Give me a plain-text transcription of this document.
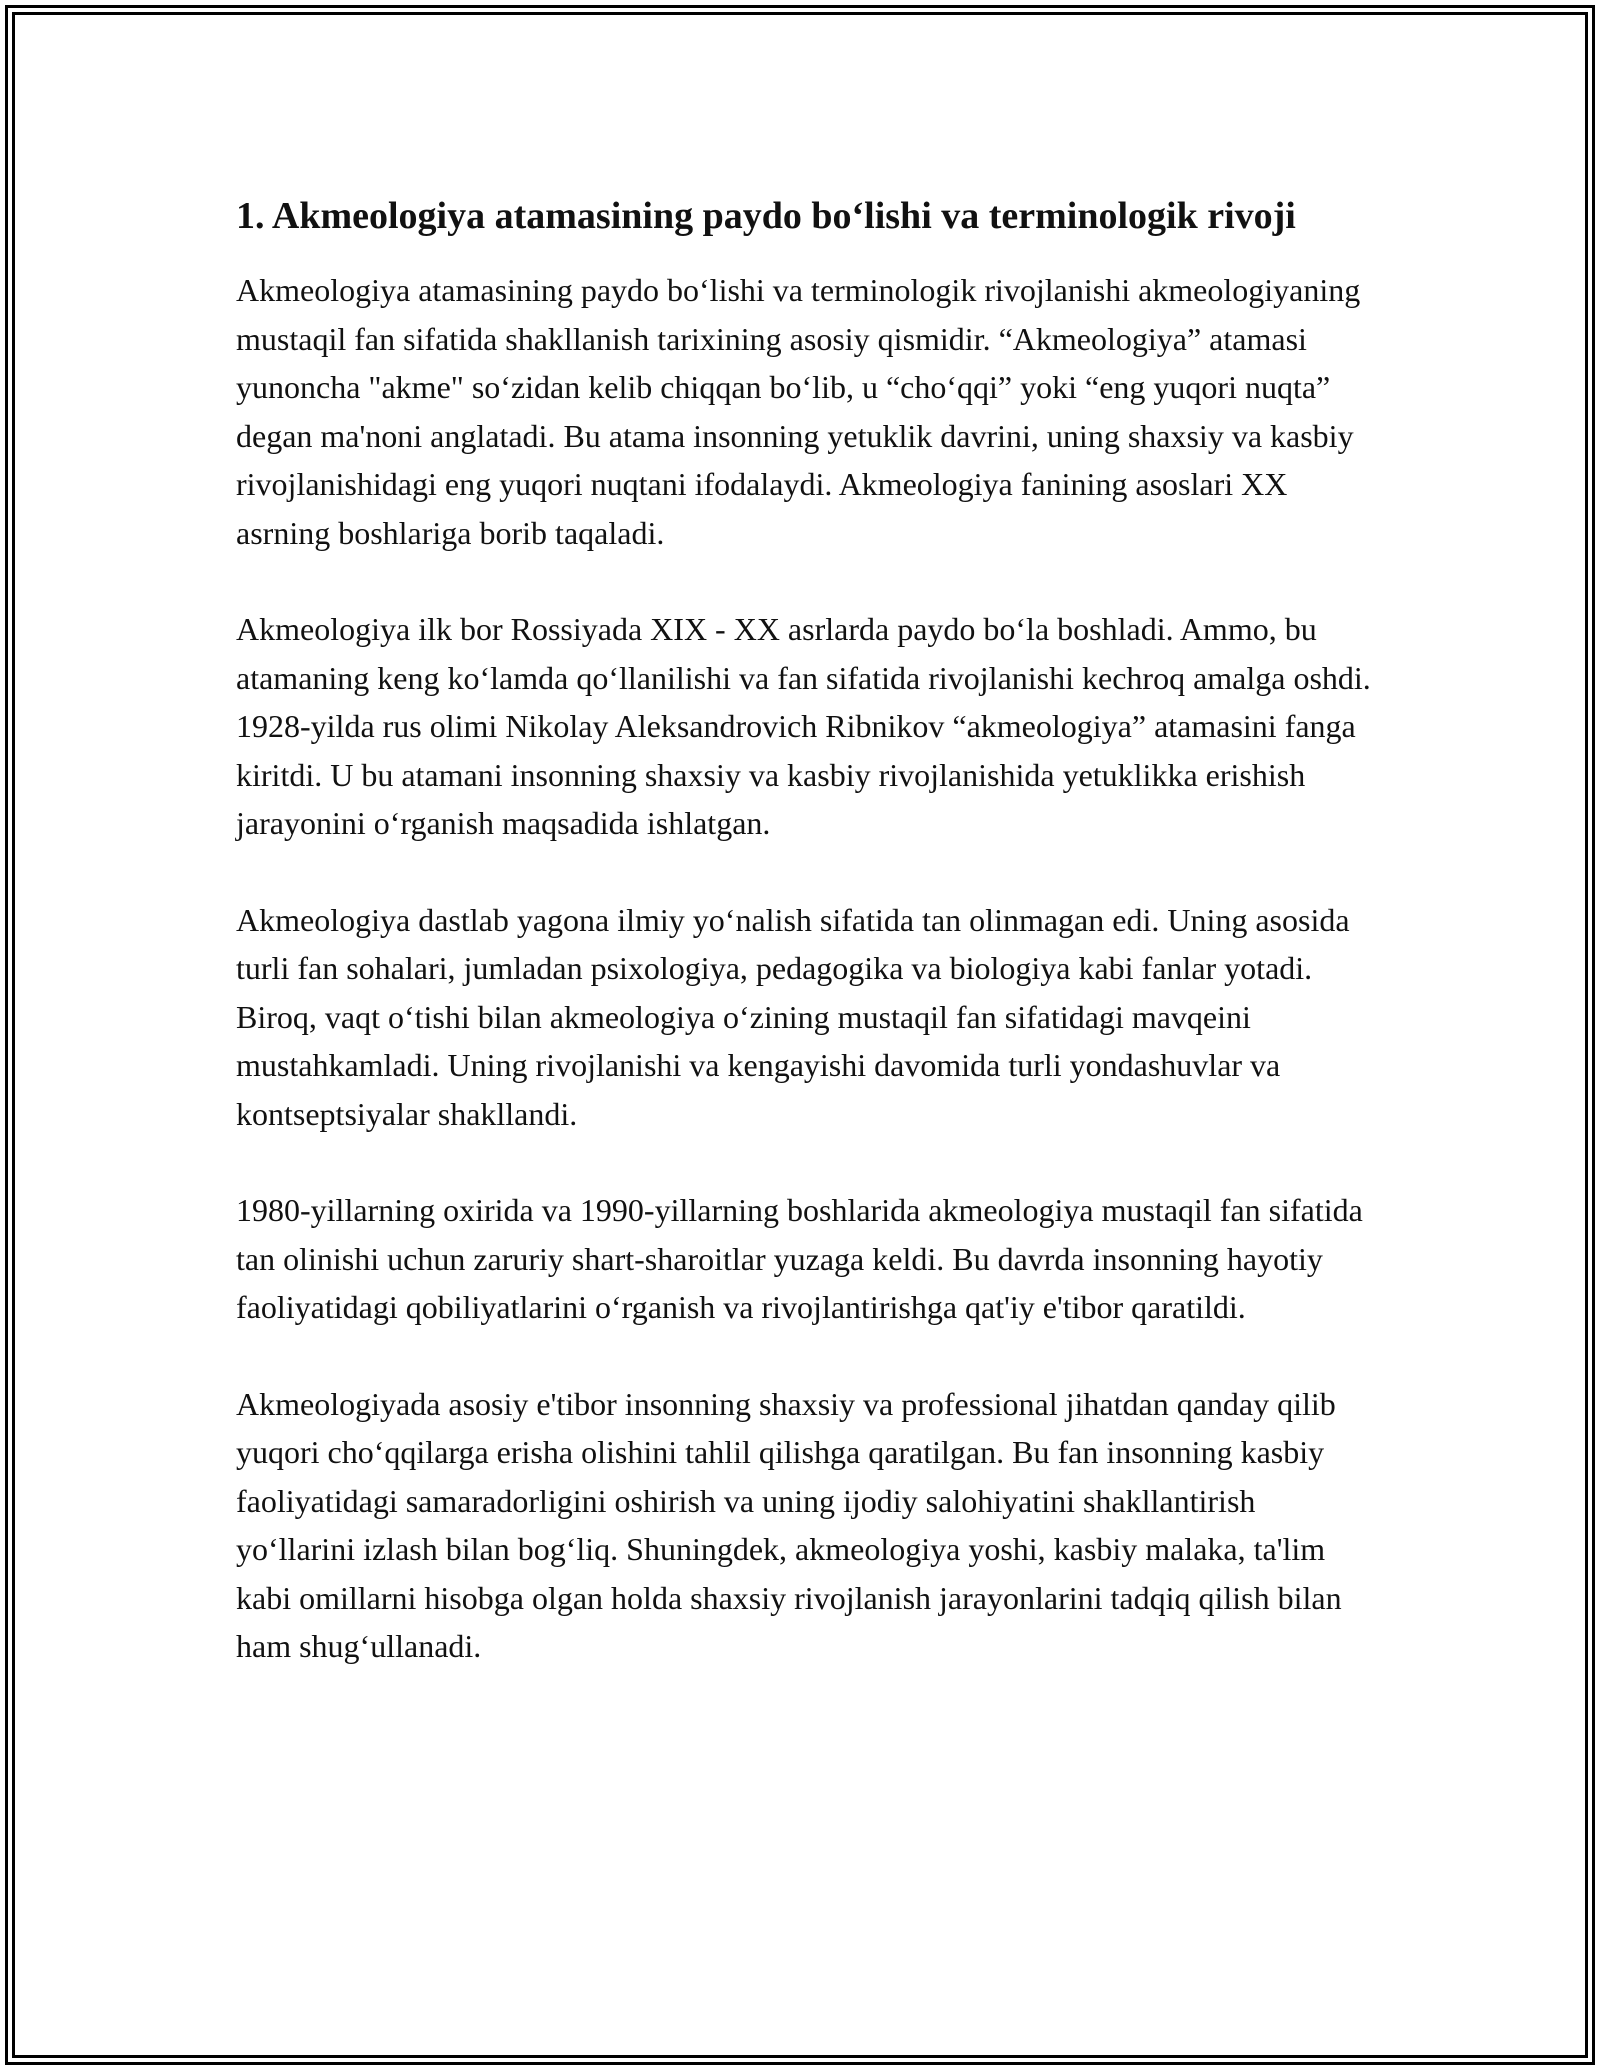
1. Akmeologiya atamasining paydo bo‘lishi va terminologik rivoji

Akmeologiya atamasining paydo bo‘lishi va terminologik rivojlanishi akmeologiyaning mustaqil fan sifatida shakllanish tarixining asosiy qismidir. “Akmeologiya” atamasi yunoncha "akme" so‘zidan kelib chiqqan bo‘lib, u “cho‘qqi” yoki “eng yuqori nuqta” degan ma'noni anglatadi. Bu atama insonning yetuklik davrini, uning shaxsiy va kasbiy rivojlanishidagi eng yuqori nuqtani ifodalaydi. Akmeologiya fanining asoslari XX asrning boshlariga borib taqaladi.

Akmeologiya ilk bor Rossiyada XIX - XX asrlarda paydo bo‘la boshladi. Ammo, bu atamaning keng ko‘lamda qo‘llanilishi va fan sifatida rivojlanishi kechroq amalga oshdi. 1928-yilda rus olimi Nikolay Aleksandrovich Ribnikov “akmeologiya” atamasini fanga kiritdi. U bu atamani insonning shaxsiy va kasbiy rivojlanishida yetuklikka erishish jarayonini o‘rganish maqsadida ishlatgan.

Akmeologiya dastlab yagona ilmiy yo‘nalish sifatida tan olinmagan edi. Uning asosida turli fan sohalari, jumladan psixologiya, pedagogika va biologiya kabi fanlar yotadi. Biroq, vaqt o‘tishi bilan akmeologiya o‘zining mustaqil fan sifatidagi mavqeini mustahkamladi. Uning rivojlanishi va kengayishi davomida turli yondashuvlar va kontseptsiyalar shakllandi.

1980-yillarning oxirida va 1990-yillarning boshlarida akmeologiya mustaqil fan sifatida tan olinishi uchun zaruriy shart-sharoitlar yuzaga keldi. Bu davrda insonning hayotiy faoliyatidagi qobiliyatlarini o‘rganish va rivojlantirishga qat'iy e'tibor qaratildi.

Akmeologiyada asosiy e'tibor insonning shaxsiy va professional jihatdan qanday qilib yuqori cho‘qqilarga erisha olishini tahlil qilishga qaratilgan. Bu fan insonning kasbiy faoliyatidagi samaradorligini oshirish va uning ijodiy salohiyatini shakllantirish yo‘llarini izlash bilan bog‘liq. Shuningdek, akmeologiya yoshi, kasbiy malaka, ta'lim kabi omillarni hisobga olgan holda shaxsiy rivojlanish jarayonlarini tadqiq qilish bilan ham shug‘ullanadi.
